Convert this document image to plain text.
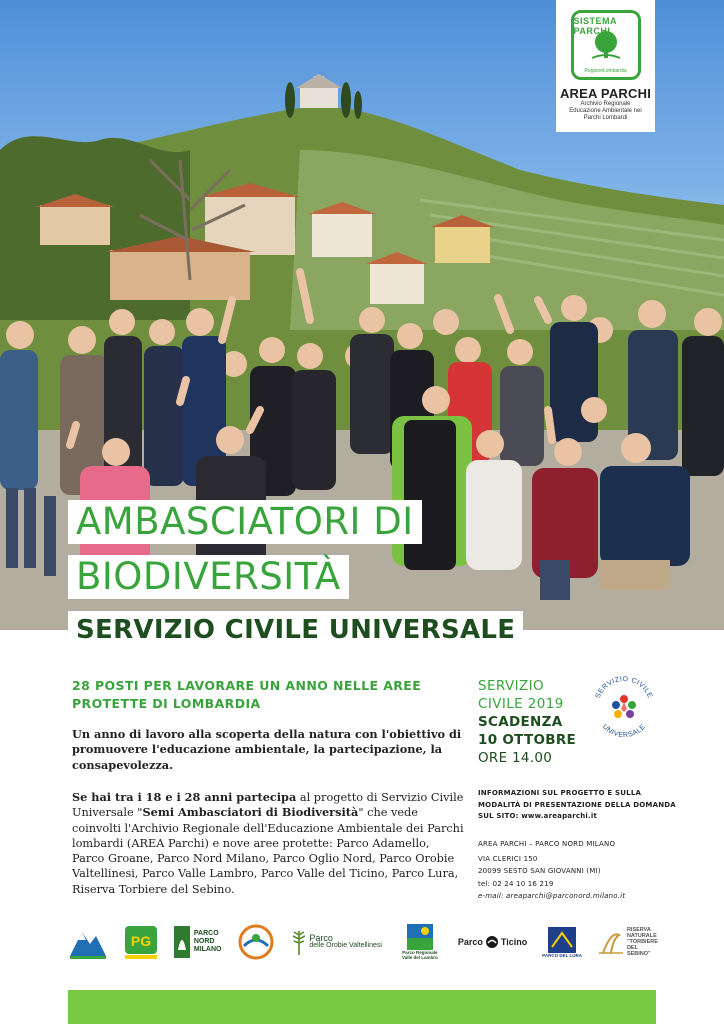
SISTEMA PARCHI
RegioneLombardia
AREA PARCHI
Archivio Regionale Educazione Ambientale nei Parchi Lombardi
AMBASCIATORI DI
BIODIVERSITÀ
SERVIZIO CIVILE UNIVERSALE
28 POSTI PER LAVORARE UN ANNO NELLE AREE PROTETTE DI LOMBARDIA

Un anno di lavoro alla scoperta della natura con l'obiettivo di promuovere l'educazione ambientale, la partecipazione, la consapevolezza.

Se hai tra i 18 e i 28 anni partecipa al progetto di Servizio Civile Universale "Semi Ambasciatori di Biodiversità" che vede coinvolti l'Archivio Regionale dell'Educazione Ambientale dei Parchi lombardi (AREA Parchi) e nove aree protette: Parco Adamello, Parco Groane, Parco Nord Milano, Parco Oglio Nord, Parco Orobie Valtellinesi, Parco Valle Lambro, Parco Valle del Ticino, Parco Lura, Riserva Torbiere del Sebino.

SERVIZIO
CIVILE 2019
SCADENZA
10 OTTOBRE
ORE 14.00
SERVIZIO CIVILE
UNIVERSALE
INFORMAZIONI SUL PROGETTO E SULLA
MODALITÀ DI PRESENTAZIONE DELLA DOMANDA
SUL SITO: www.areaparchi.it
AREA PARCHI – PARCO NORD MILANO
VIA CLERICI 150
20099 SESTO SAN GIOVANNI (MI)
tel: 02 24 10 16 219
e-mail: areaparchi@parconord.milano.it
PG	PARCO
NORD
MILANO
Parco
delle Orobie Valtellinesi
Parco Regionale Valle del Lambro
Parco Ticino
PARCO DEL LURA
RISERVA
NATURALE
"TORBIERE
DEL
SEBINO"
